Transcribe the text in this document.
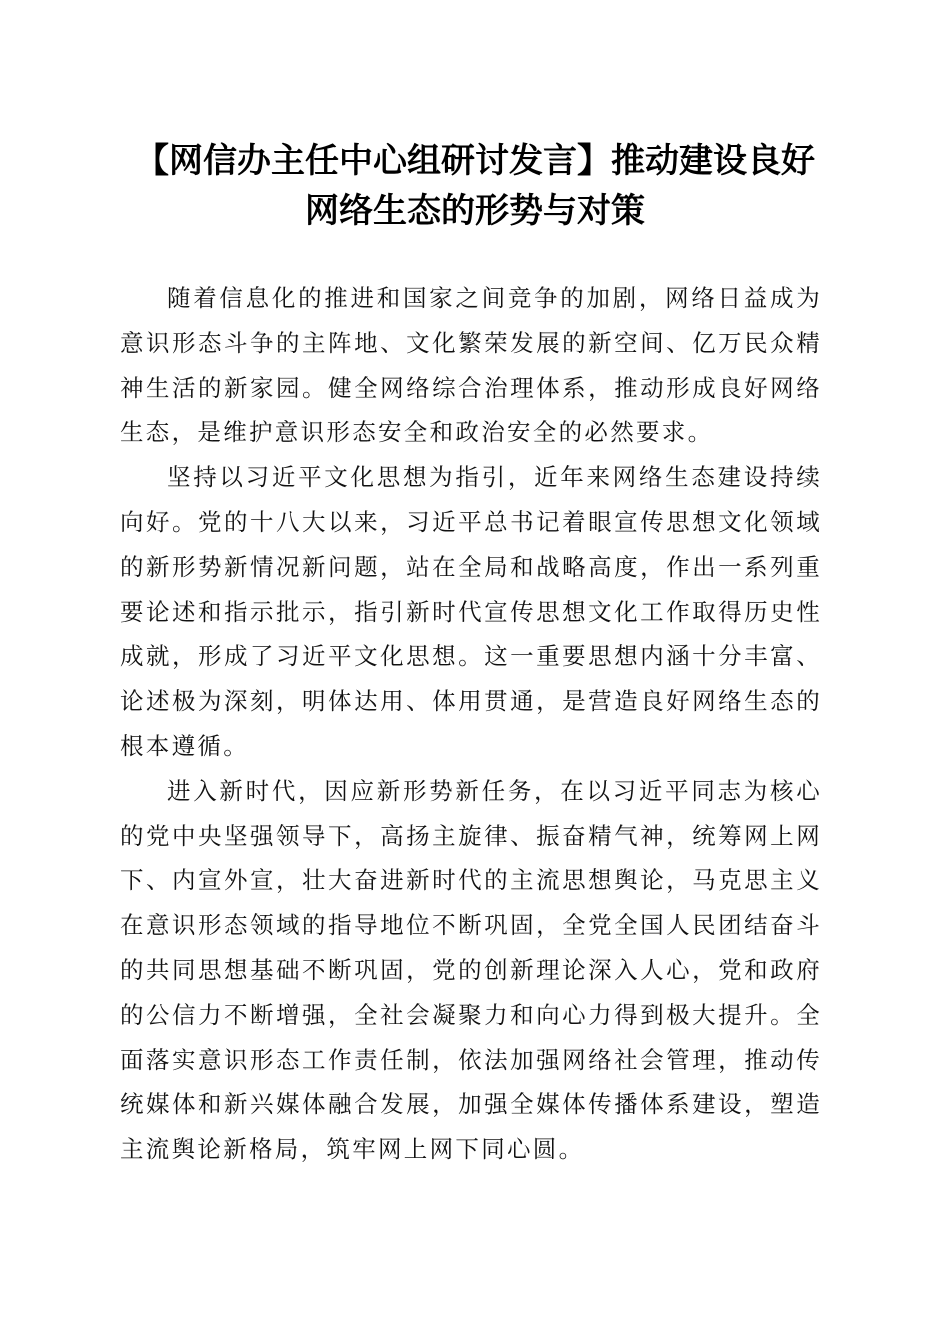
【网信办主任中心组研讨发言】推动建设良好
网络生态的形势与对策

随着信息化的推进和国家之间竞争的加剧，网络日益成为意识形态斗争的主阵地、文化繁荣发展的新空间、亿万民众精神生活的新家园。健全网络综合治理体系，推动形成良好网络生态，是维护意识形态安全和政治安全的必然要求。

坚持以习近平文化思想为指引，近年来网络生态建设持续向好。党的十八大以来，习近平总书记着眼宣传思想文化领域的新形势新情况新问题，站在全局和战略高度，作出一系列重要论述和指示批示，指引新时代宣传思想文化工作取得历史性成就，形成了习近平文化思想。这一重要思想内涵十分丰富、论述极为深刻，明体达用、体用贯通，是营造良好网络生态的根本遵循。

进入新时代，因应新形势新任务，在以习近平同志为核心的党中央坚强领导下，高扬主旋律、振奋精气神，统筹网上网下、内宣外宣，壮大奋进新时代的主流思想舆论，马克思主义在意识形态领域的指导地位不断巩固，全党全国人民团结奋斗的共同思想基础不断巩固，党的创新理论深入人心，党和政府的公信力不断增强，全社会凝聚力和向心力得到极大提升。全面落实意识形态工作责任制，依法加强网络社会管理，推动传统媒体和新兴媒体融合发展，加强全媒体传播体系建设，塑造主流舆论新格局，筑牢网上网下同心圆。
